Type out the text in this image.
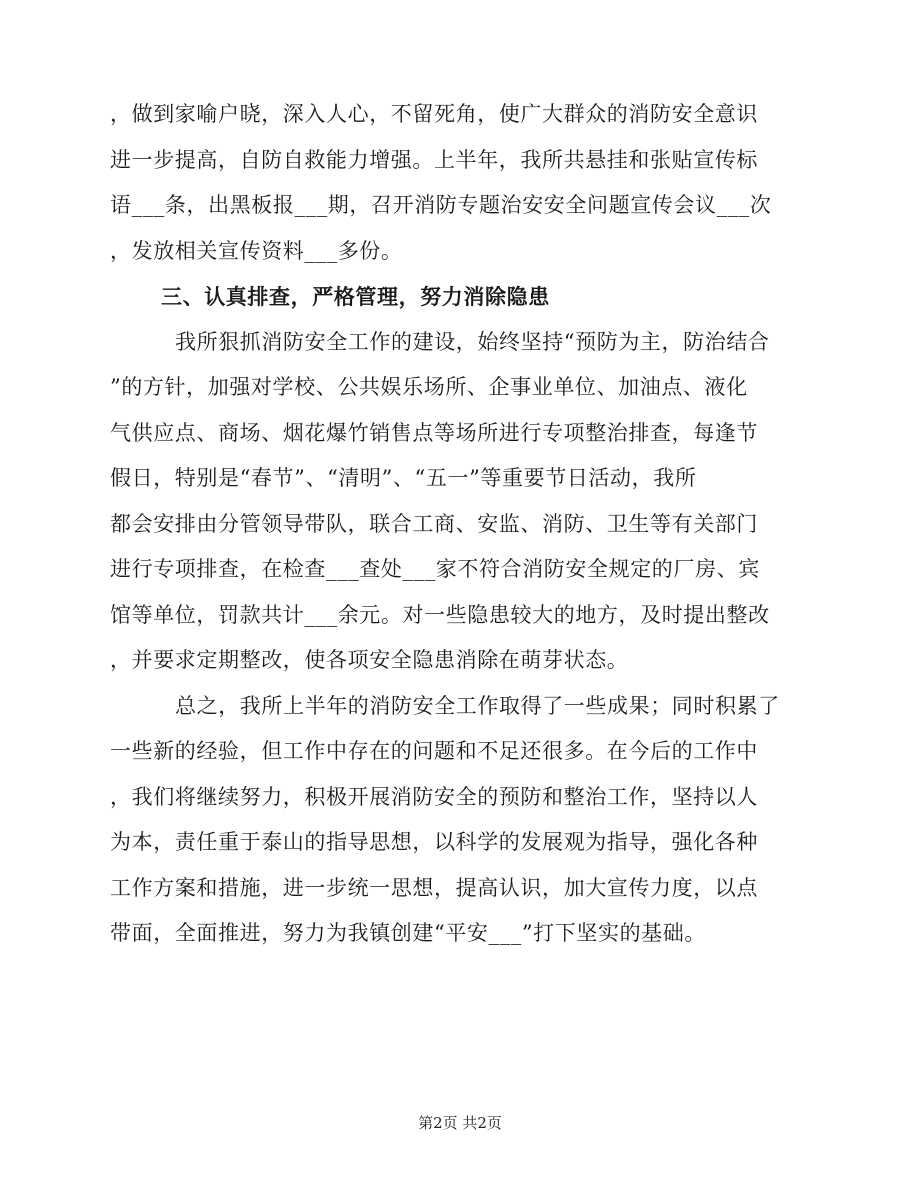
，做到家喻户晓，深入人心，不留死角，使广大群众的消防安全意识
进一步提高，自防自救能力增强。上半年，我所共悬挂和张贴宣传标
语___条，出黑板报___期，召开消防专题治安安全问题宣传会议___次
，发放相关宣传资料___多份。
三、认真排查，严格管理，努力消除隐患
我所狠抓消防安全工作的建设，始终坚持“预防为主，防治结合
”的方针，加强对学校、公共娱乐场所、企事业单位、加油点、液化
气供应点、商场、烟花爆竹销售点等场所进行专项整治排查，每逢节
假日，特别是“春节”、“清明”、“五一”等重要节日活动，我所
都会安排由分管领导带队，联合工商、安监、消防、卫生等有关部门
进行专项排查，在检查___查处___家不符合消防安全规定的厂房、宾
馆等单位，罚款共计___余元。对一些隐患较大的地方，及时提出整改
，并要求定期整改，使各项安全隐患消除在萌芽状态。
总之，我所上半年的消防安全工作取得了一些成果；同时积累了
一些新的经验，但工作中存在的问题和不足还很多。在今后的工作中
，我们将继续努力，积极开展消防安全的预防和整治工作，坚持以人
为本，责任重于泰山的指导思想，以科学的发展观为指导，强化各种
工作方案和措施，进一步统一思想，提高认识，加大宣传力度，以点
带面，全面推进，努力为我镇创建“平安___”打下坚实的基础。
第2页 共2页
